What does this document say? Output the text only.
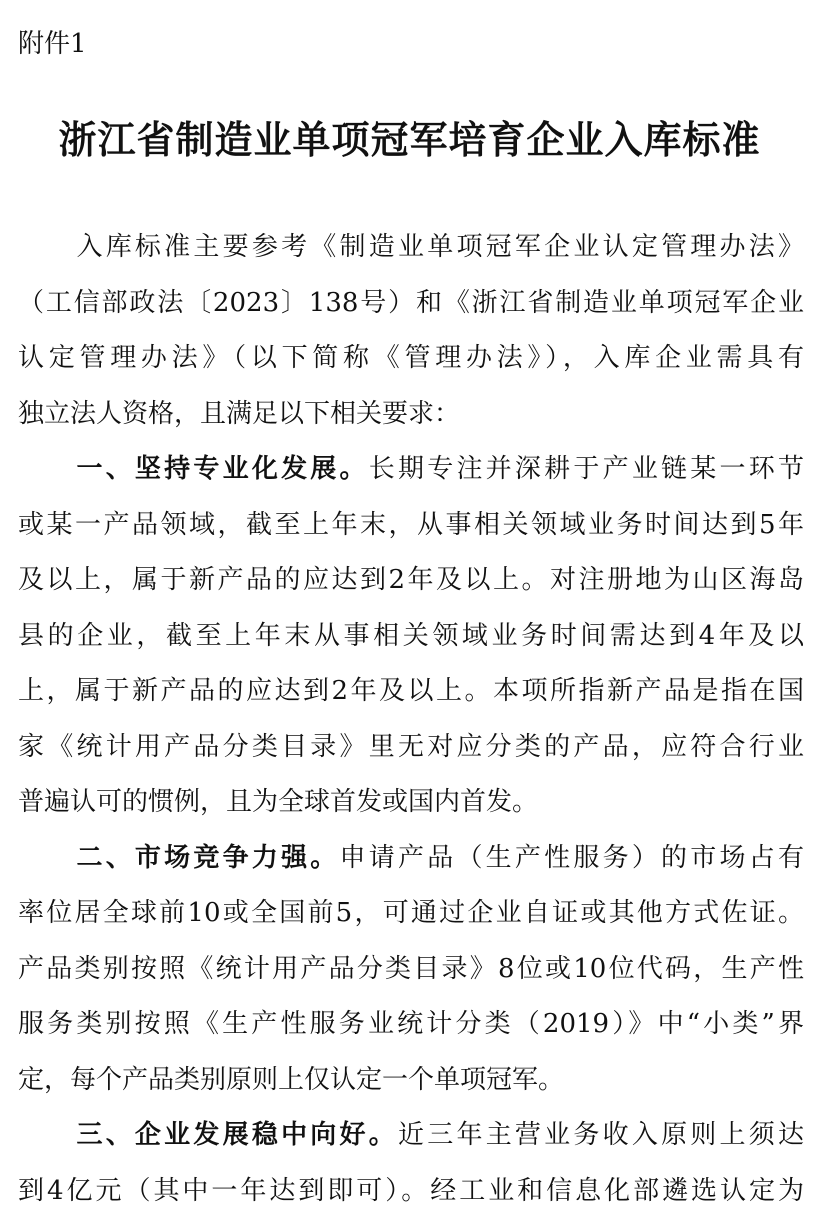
附件1
浙江省制造业单项冠军培育企业入库标准
　　入库标准主要参考《制造业单项冠军企业认定管理办法》
（工信部政法〔2023〕138号）和《浙江省制造业单项冠军企业
认定管理办法》（以下简称《管理办法》），入库企业需具有
独立法人资格，且满足以下相关要求：
　　一、坚持专业化发展。长期专注并深耕于产业链某一环节
或某一产品领域，截至上年末，从事相关领域业务时间达到5年
及以上，属于新产品的应达到2年及以上。对注册地为山区海岛
县的企业，截至上年末从事相关领域业务时间需达到4年及以
上，属于新产品的应达到2年及以上。本项所指新产品是指在国
家《统计用产品分类目录》里无对应分类的产品，应符合行业
普遍认可的惯例，且为全球首发或国内首发。
　　二、市场竞争力强。申请产品（生产性服务）的市场占有
率位居全球前10或全国前5，可通过企业自证或其他方式佐证。
产品类别按照《统计用产品分类目录》8位或10位代码，生产性
服务类别按照《生产性服务业统计分类（2019）》中“小类”界
定，每个产品类别原则上仅认定一个单项冠军。
　　三、企业发展稳中向好。近三年主营业务收入原则上须达
到4亿元（其中一年达到即可）。经工业和信息化部遴选认定为
